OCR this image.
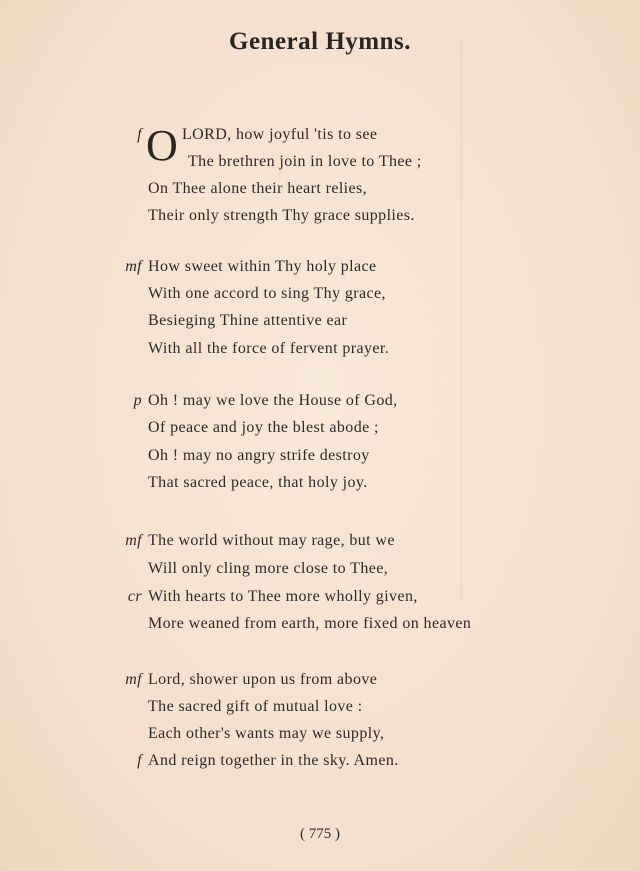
General Hymns.
O
f	LORD, how joyful 'tis to see
The brethren join in love to Thee ;
On Thee alone their heart relies,
Their only strength Thy grace supplies.
mf How sweet within Thy holy place
With one accord to sing Thy grace,
Besieging Thine attentive ear
With all the force of fervent prayer.
p Oh ! may we love the House of God,
Of peace and joy the blest abode ;
Oh ! may no angry strife destroy
That sacred peace, that holy joy.
mf The world without may rage, but we
Will only cling more close to Thee,
cr With hearts to Thee more wholly given,
More weaned from earth, more fixed on heaven
mf Lord, shower upon us from above
The sacred gift of mutual love :
Each other's wants may we supply,
f And reign together in the sky. Amen.
( 775 )
